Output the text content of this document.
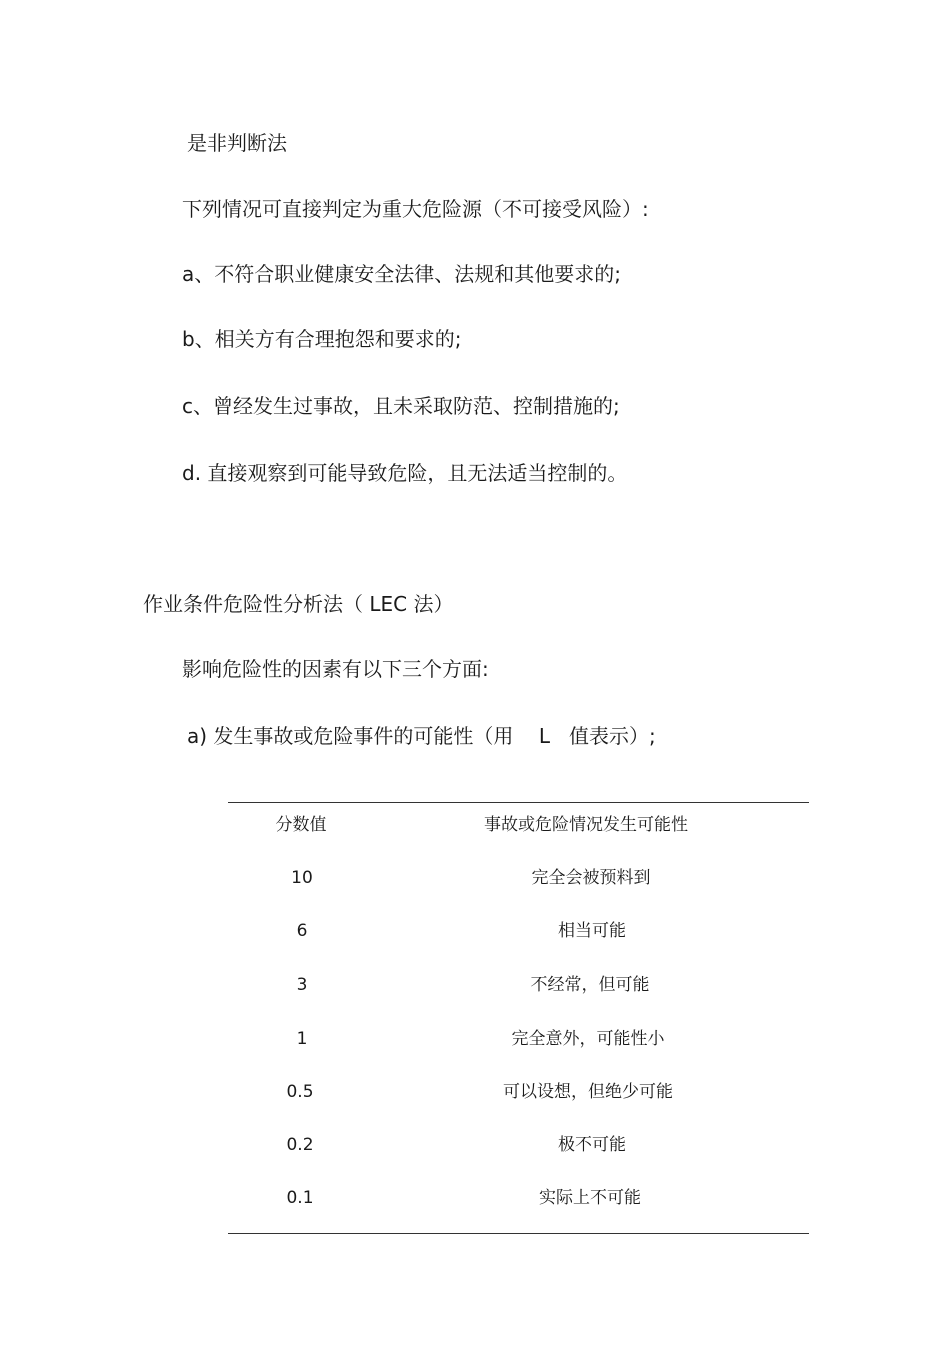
是非判断法
下列情况可直接判定为重大危险源（不可接受风险）:
a、不符合职业健康安全法律、法规和其他要求的;
b、相关方有合理抱怨和要求的;
c、曾经发生过事故，且未采取防范、控制措施的;
d. 直接观察到可能导致危险，且无法适当控制的。
作业条件危险性分析法（ LEC 法）
影响危险性的因素有以下三个方面:
a) 发生事故或危险事件的可能性（用    L   值表示）;
分数值	事故或危险情况发生可能性
10	完全会被预料到
6	相当可能
3	不经常，但可能
1	完全意外，可能性小
0.5	可以设想，但绝少可能
0.2	极不可能
0.1	实际上不可能
